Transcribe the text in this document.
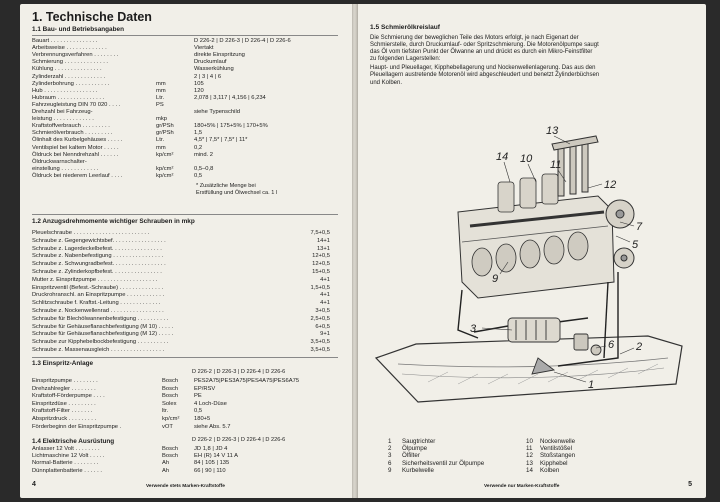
1. Technische Daten
1.1 Bau- und Betriebsangaben
Bauart . . . . . . . . . . . . . . .	D 226-2 | D 226-3 | D 226-4 | D 226-6
Arbeitsweise . . . . . . . . . . . . .	Viertakt
Verbrennungsverfahren . . . . . . . .	direkte Einspritzung
Schmierung . . . . . . . . . . . . . .	Druckumlauf
Kühlung . . . . . . . . . . . . . . .	Wasserkühlung
Zylinderzahl . . . . . . . . . . . . .	2 | 3 | 4 | 6
Zylinderbohrung . . . . . . . . . . .	mm	105
Hub . . . . . . . . . . . . . . . . .	mm	120
Hubraum . . . . . . . . . . . . . . .	Ltr.	2,078 | 3,117 | 4,156 | 6,234
Fahrzeugleistung DIN 70 020 . . . .	PS
Drehzahl bei Fahrzeug-	siehe Typenschild
leistung . . . . . . . . . . . . .	mkp
Kraftstoffverbrauch . . . . . . . . .	gr/PSh	180+5% | 175+5% | 170+5%
Schmierölverbrauch . . . . . . . . .	gr/PSh	1,5
Ölinhalt des Kurbelgehäuses . . . . .	Ltr.	4,5* | 7,5* | 7,5* | 11*
Ventilspiel bei kaltem Motor . . . . .	mm	0,2
Öldruck bei Nenndrehzahl . . . . . .	kp/cm²	mind. 2
Öldruckwarnschalter-
einstellung . . . . . . . . . . . .	kp/cm²	0,5–0,8
Öldruck bei niederem Leerlauf . . . .	kp/cm²	0,5
* Zusätzliche Menge bei
Erstfüllung und Ölwechsel ca. 1 l
1.2 Anzugsdrehmomente wichtiger Schrauben in mkp
Pleuelschraube . . . . . . . . . . . . . . . . . . . . . . . .	7,5+0,5
Schraube z. Gegengewichtsbef. . . . . . . . . . . . . . . . .	14+1
Schraube z. Lagerdeckelbefest. . . . . . . . . . . . . . . .	13+1
Schraube z. Nabenbefestigung . . . . . . . . . . . . . . . .	12+0,5
Schraube z. Schwungradbefest. . . . . . . . . . . . . . . . .	12+0,5
Schraube z. Zylinderkopfbefest. . . . . . . . . . . . . . . .	15+0,5
Mutter z. Einspritzpumpe . . . . . . . . . . . . . . . . . . .	4+1
Einspritzventil (Befest.-Schraube) . . . . . . . . . . . . . .	1,5+0,5
Druckrohranschl. an Einspritzpumpe . . . . . . . . . . . .	4+1
Schlitzschraube f. Kraftst.-Leitung . . . . . . . . . . . . .	4+1
Schraube z. Nockenwellenrad . . . . . . . . . . . . . . . . .	3+0,5
Schraube für Blechölwannenbefestigung . . . . . . . . . .	2,5+0,5
Schraube für Gehäuseflanschbefestigung (M 10) . . . . .	6+0,5
Schraube für Gehäuseflanschbefestigung (M 12) . . . . .	9+1
Schraube zur Kipphebelbockbefestigung . . . . . . . . . .	3,5+0,5
Schraube z. Massenausgleich . . . . . . . . . . . . . . . . .	3,5+0,5
1.3 Einspritz-Anlage
D 226-2 | D 226-3 | D 226-4 | D 226-6
Einspritzpumpe . . . . . . . .	Bosch	PES2A75|PES3A75|PES4A75|PES6A75
Drehzahlregler . . . . . . . .	Bosch	EP/RSV
Kraftstoff-Förderpumpe . . . .	Bosch	PE
Einspritzdüse . . . . . . . . .	Solex	4 Loch-Düse
Kraftstoff-Filter . . . . . . .	ltr.	0,5
Abspritzdruck . . . . . . . . .	kp/cm²	180+5
Förderbeginn der Einspritzpumpe .	vOT	siehe Abs. 5.7
1.4 Elektrische Ausrüstung	D 226-2 | D 226-3 | D 226-4 | D 226-6
Anlasser 12 Volt . . . . . . . .	Bosch	JD 1,8 | JD 4
Lichtmaschine 12 Volt . . . . .	Bosch	EH (R) 14 V 11 A
Normal-Batterie . . . . . . . .	Ah	84 | 105 | 135
Dünnplattenbatterie . . . . . .	Ah	66 | 90 | 110
4	Verwende stets Marken-Kraftstoffe
1.5 Schmierölkreislauf
Die Schmierung der beweglichen Teile des Motors erfolgt, je nach Eigenart der
Schmierstelle, durch Druckumlauf- oder Spritzschmierung. Die Motorenölpumpe saugt
das Öl vom tiefsten Punkt der Ölwanne an und drückt es durch ein Mikro-Feinstfilter
zu folgenden Lagerstellen:
Haupt- und Pleuellager, Kipphebellagerung und Nockenwellenlagerung. Das aus den
Pleuellagern austretende Motorenöl wird abgeschleudert und benetzt Zylinderbüchsen
und Kolben.
13
14 10 11
12
7
5
9
3
6 2
1
1 Saugtrichter
2 Ölpumpe
3 Ölfilter
6 Sicherheitsventil zur Ölpumpe
9 Kurbelwelle
10 Nockenwelle
11 Ventilstößel
12 Stoßstangen
13 Kipphebel
14 Kolben
Verwende nur Marken-Kraftstoffe	5
